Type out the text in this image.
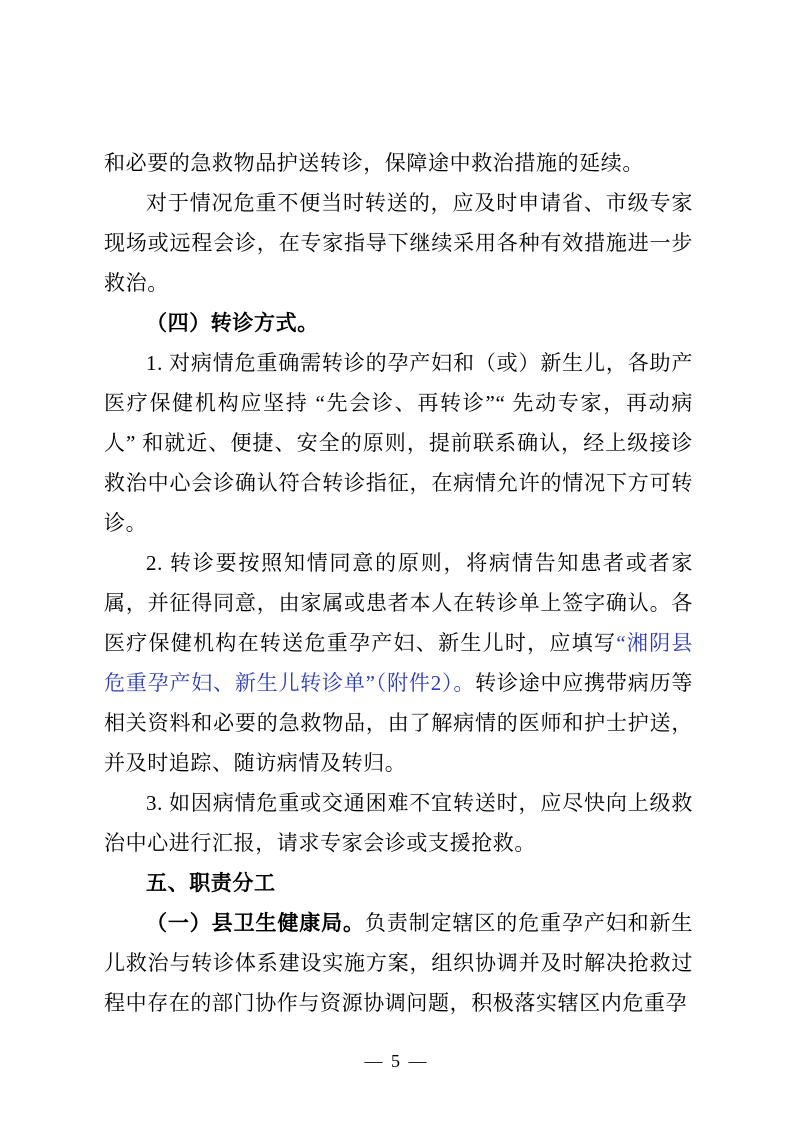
和必要的急救物品护送转诊，保障途中救治措施的延续。

对于情况危重不便当时转送的，应及时申请省、市级专家现场或远程会诊，在专家指导下继续采用各种有效措施进一步救治。

（四）转诊方式。

1. 对病情危重确需转诊的孕产妇和（或）新生儿，各助产医疗保健机构应坚持 “先会诊、再转诊”“ 先动专家，再动病人” 和就近、便捷、安全的原则，提前联系确认，经上级接诊救治中心会诊确认符合转诊指征，在病情允许的情况下方可转诊。

2. 转诊要按照知情同意的原则，将病情告知患者或者家属，并征得同意，由家属或患者本人在转诊单上签字确认。各医疗保健机构在转送危重孕产妇、新生儿时，应填写“湘阴县危重孕产妇、新生儿转诊单”（附件2）。转诊途中应携带病历等相关资料和必要的急救物品，由了解病情的医师和护士护送，并及时追踪、随访病情及转归。

3. 如因病情危重或交通困难不宜转送时，应尽快向上级救治中心进行汇报，请求专家会诊或支援抢救。

五、职责分工

（一）县卫生健康局。负责制定辖区的危重孕产妇和新生儿救治与转诊体系建设实施方案，组织协调并及时解决抢救过程中存在的部门协作与资源协调问题，积极落实辖区内危重孕

— 5 —
